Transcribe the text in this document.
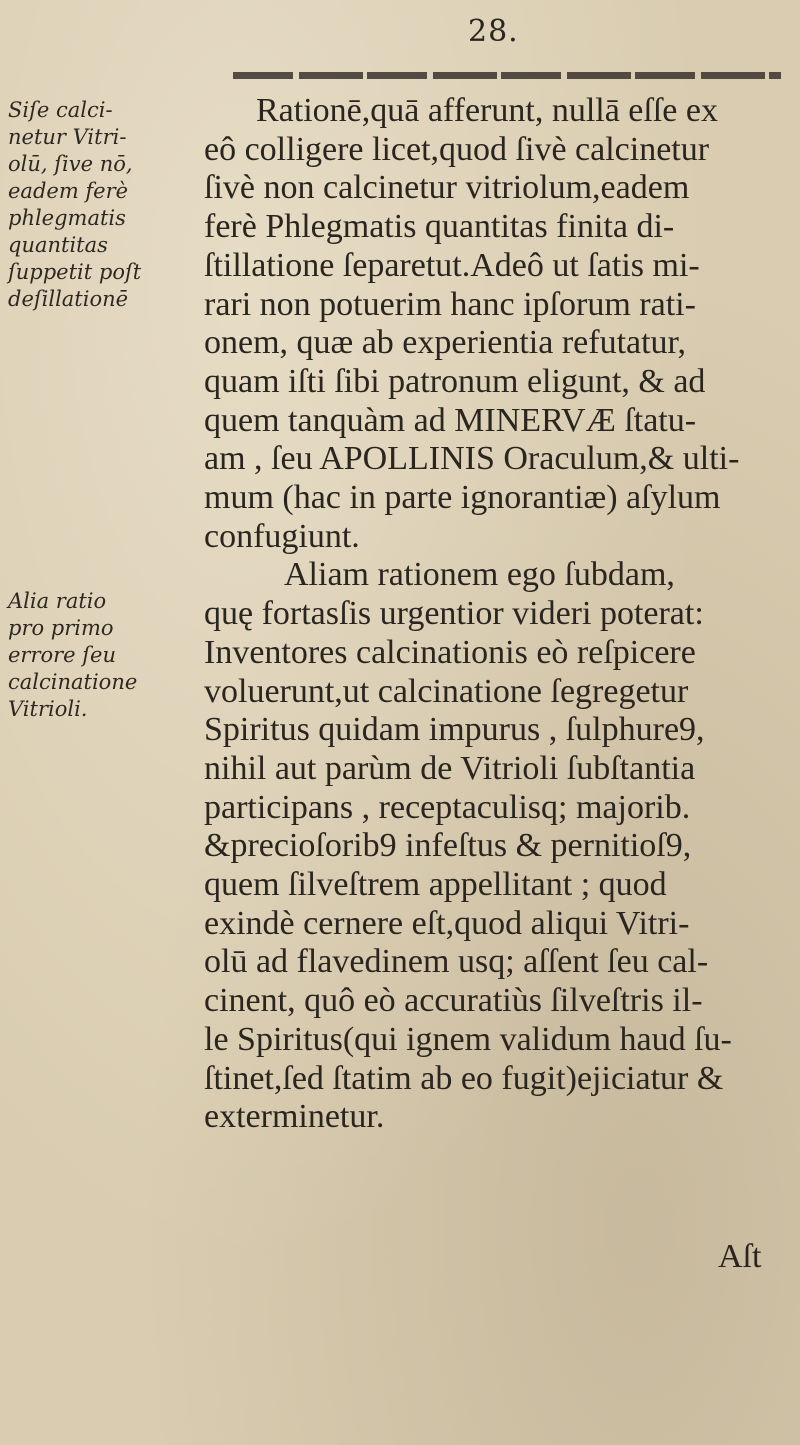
28.
Siſe calci-
netur Vitri-
olū, ſive nō,
eadem ferè
phlegmatis
quantitas
ſuppetit poſt
deſillationē
Alia ratio
pro primo
errore ſeu
calcinatione
Vitrioli.
Rationē,quā afferunt, nullā eſſe ex
eô colligere licet,quod ſivè calcinetur
ſivè non calcinetur vitriolum,eadem
ferè Phlegmatis quantitas finita di-
ſtillatione ſeparetut.Adeô ut ſatis mi-
rari non potuerim hanc ipſorum rati-
onem, quæ ab experientia refutatur,
quam iſti ſibi patronum eligunt, & ad
quem tanquàm ad MINERVÆ ſtatu-
am , ſeu APOLLINIS Oraculum,& ulti-
mum (hac in parte ignorantiæ) aſylum
confugiunt.
Aliam rationem ego ſubdam,
quę fortasſis urgentior videri poterat:
Inventores calcinationis eò reſpicere
voluerunt,ut calcinatione ſegregetur
Spiritus quidam impurus , ſulphure9,
nihil aut parùm de Vitrioli ſubſtantia
participans , receptaculisq; majorib.
&precioſorib9 infeſtus & pernitioſ9,
quem ſilveſtrem appellitant ; quod
exindè cernere eſt,quod aliqui Vitri-
olū ad flavedinem usq; aſſent ſeu cal-
cinent, quô eò accuratiùs ſilveſtris il-
le Spiritus(qui ignem validum haud ſu-
ſtinet,ſed ſtatim ab eo fugit)ejiciatur &
exterminetur.
Aſt
